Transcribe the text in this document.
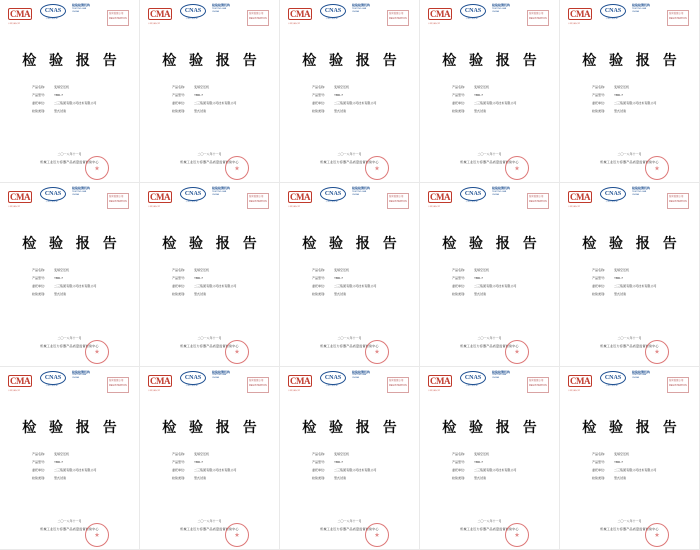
CMA
中国计量认证
CNAS
中国合格评定
检验检测机构
TESTING LAB
CHINA
检验检测专用
REGISTRATION
检 验 报 告
产品名称：	变频空压机
产品型号：	YBD-7
委托单位：	二三集团有限公司技术有限公司
检验类别：	型式试验
二〇一八年十一月
机械工业压力容器产品质量监督检验中心
CMA
中国计量认证
CNAS
中国合格评定
检验检测机构
TESTING LAB
CHINA
检验检测专用
REGISTRATION
检 验 报 告
产品名称：	变频空压机
产品型号：	YBD-7
委托单位：	二三集团有限公司技术有限公司
检验类别：	型式试验
二〇一八年十一月
机械工业压力容器产品质量监督检验中心
CMA
中国计量认证
CNAS
中国合格评定
检验检测机构
TESTING LAB
CHINA
检验检测专用
REGISTRATION
检 验 报 告
产品名称：	变频空压机
产品型号：	YBD-7
委托单位：	二三集团有限公司技术有限公司
检验类别：	型式试验
二〇一八年十一月
机械工业压力容器产品质量监督检验中心
CMA
中国计量认证
CNAS
中国合格评定
检验检测机构
TESTING LAB
CHINA
检验检测专用
REGISTRATION
检 验 报 告
产品名称：	变频空压机
产品型号：	YBD-7
委托单位：	二三集团有限公司技术有限公司
检验类别：	型式试验
二〇一八年十一月
机械工业压力容器产品质量监督检验中心
CMA
中国计量认证
CNAS
中国合格评定
检验检测机构
TESTING LAB
CHINA
检验检测专用
REGISTRATION
检 验 报 告
产品名称：	变频空压机
产品型号：	YBD-7
委托单位：	二三集团有限公司技术有限公司
检验类别：	型式试验
二〇一八年十一月
机械工业压力容器产品质量监督检验中心
CMA
中国计量认证
CNAS
中国合格评定
检验检测机构
TESTING LAB
CHINA
检验检测专用
REGISTRATION
检 验 报 告
产品名称：	变频空压机
产品型号：	YBD-7
委托单位：	二三集团有限公司技术有限公司
检验类别：	型式试验
二〇一八年十一月
机械工业压力容器产品质量监督检验中心
CMA
中国计量认证
CNAS
中国合格评定
检验检测机构
TESTING LAB
CHINA
检验检测专用
REGISTRATION
检 验 报 告
产品名称：	变频空压机
产品型号：	YBD-7
委托单位：	二三集团有限公司技术有限公司
检验类别：	型式试验
二〇一八年十一月
机械工业压力容器产品质量监督检验中心
CMA
中国计量认证
CNAS
中国合格评定
检验检测机构
TESTING LAB
CHINA
检验检测专用
REGISTRATION
检 验 报 告
产品名称：	变频空压机
产品型号：	YBD-7
委托单位：	二三集团有限公司技术有限公司
检验类别：	型式试验
二〇一八年十一月
机械工业压力容器产品质量监督检验中心
CMA
中国计量认证
CNAS
中国合格评定
检验检测机构
TESTING LAB
CHINA
检验检测专用
REGISTRATION
检 验 报 告
产品名称：	变频空压机
产品型号：	YBD-7
委托单位：	二三集团有限公司技术有限公司
检验类别：	型式试验
二〇一八年十一月
机械工业压力容器产品质量监督检验中心
CMA
中国计量认证
CNAS
中国合格评定
检验检测机构
TESTING LAB
CHINA
检验检测专用
REGISTRATION
检 验 报 告
产品名称：	变频空压机
产品型号：	YBD-7
委托单位：	二三集团有限公司技术有限公司
检验类别：	型式试验
二〇一八年十一月
机械工业压力容器产品质量监督检验中心
CMA
中国计量认证
CNAS
中国合格评定
检验检测机构
TESTING LAB
CHINA
检验检测专用
REGISTRATION
检 验 报 告
产品名称：	变频空压机
产品型号：	YBD-7
委托单位：	二三集团有限公司技术有限公司
检验类别：	型式试验
二〇一八年十一月
机械工业压力容器产品质量监督检验中心
CMA
中国计量认证
CNAS
中国合格评定
检验检测机构
TESTING LAB
CHINA
检验检测专用
REGISTRATION
检 验 报 告
产品名称：	变频空压机
产品型号：	YBD-7
委托单位：	二三集团有限公司技术有限公司
检验类别：	型式试验
二〇一八年十一月
机械工业压力容器产品质量监督检验中心
CMA
中国计量认证
CNAS
中国合格评定
检验检测机构
TESTING LAB
CHINA
检验检测专用
REGISTRATION
检 验 报 告
产品名称：	变频空压机
产品型号：	YBD-7
委托单位：	二三集团有限公司技术有限公司
检验类别：	型式试验
二〇一八年十一月
机械工业压力容器产品质量监督检验中心
CMA
中国计量认证
CNAS
中国合格评定
检验检测机构
TESTING LAB
CHINA
检验检测专用
REGISTRATION
检 验 报 告
产品名称：	变频空压机
产品型号：	YBD-7
委托单位：	二三集团有限公司技术有限公司
检验类别：	型式试验
二〇一八年十一月
机械工业压力容器产品质量监督检验中心
CMA
中国计量认证
CNAS
中国合格评定
检验检测机构
TESTING LAB
CHINA
检验检测专用
REGISTRATION
检 验 报 告
产品名称：	变频空压机
产品型号：	YBD-7
委托单位：	二三集团有限公司技术有限公司
检验类别：	型式试验
二〇一八年十一月
机械工业压力容器产品质量监督检验中心
